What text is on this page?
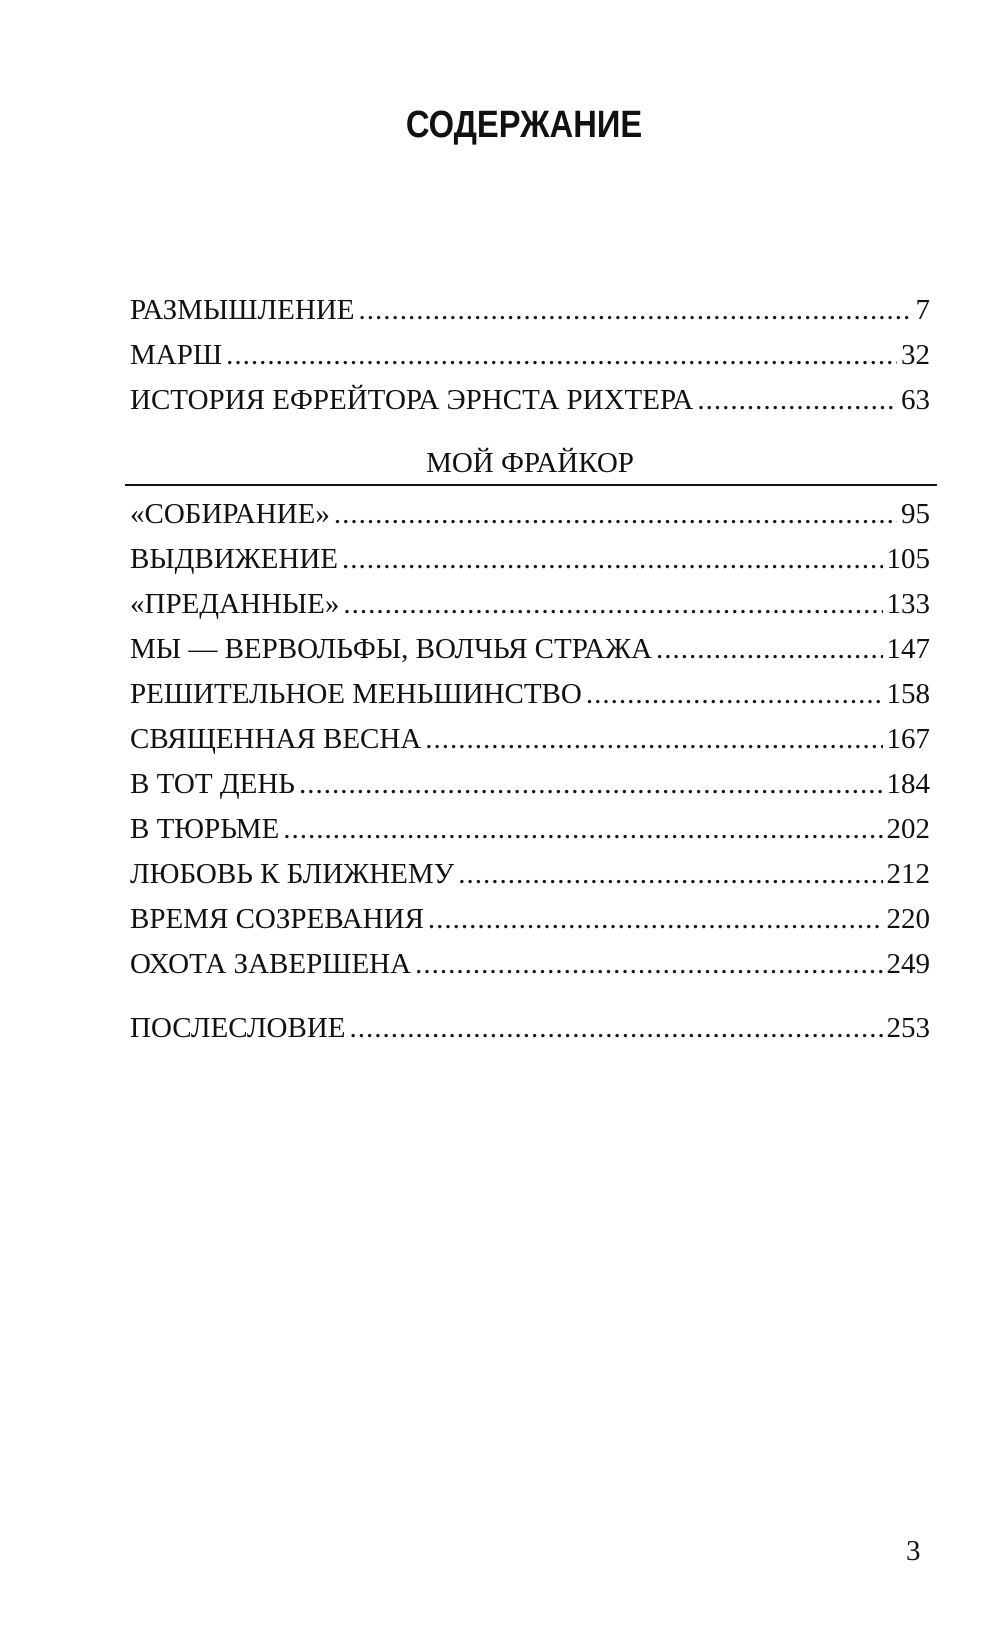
СОДЕРЖАНИЕ
РАЗМЫШЛЕНИЕ .....	7
МАРШ .....	32
ИСТОРИЯ ЕФРЕЙТОРА ЭРНСТА РИХТЕРА .....	63
МОЙ ФРАЙКОР
«СОБИРАНИЕ» .....	95
ВЫДВИЖЕНИЕ .....	105
«ПРЕДАННЫЕ» .....	133
МЫ — ВЕРВОЛЬФЫ, ВОЛЧЬЯ СТРАЖА .....	147
РЕШИТЕЛЬНОЕ МЕНЬШИНСТВО .....	158
СВЯЩЕННАЯ ВЕСНА .....	167
В ТОТ ДЕНЬ .....	184
В ТЮРЬМЕ .....	202
ЛЮБОВЬ К БЛИЖНЕМУ .....	212
ВРЕМЯ СОЗРЕВАНИЯ .....	220
ОХОТА ЗАВЕРШЕНА .....	249
ПОСЛЕСЛОВИЕ .....	253
3
